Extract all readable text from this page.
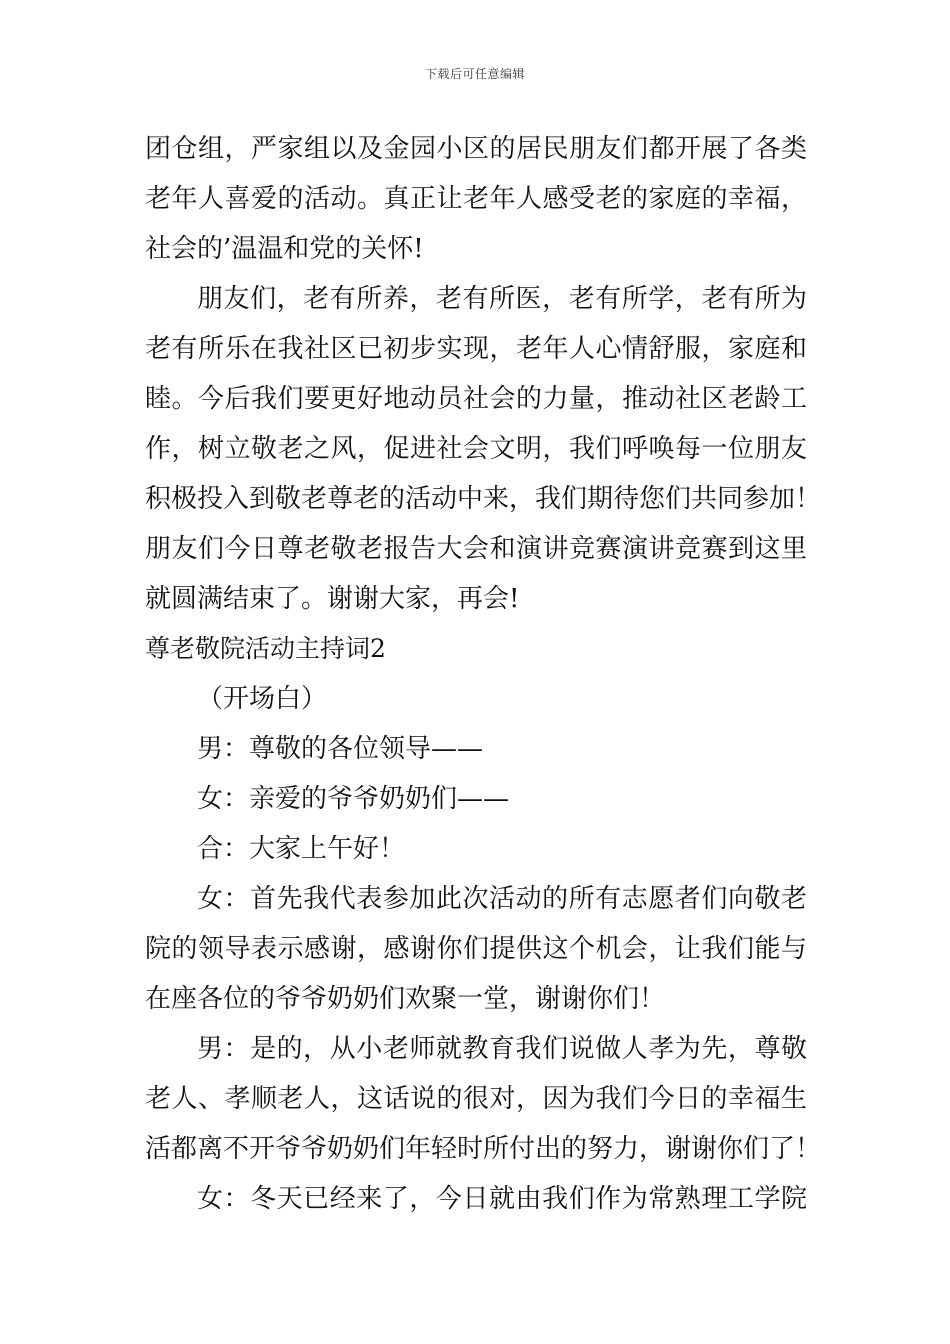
下载后可任意编辑
团仓组，严家组以及金园小区的居民朋友们都开展了各类
老年人喜爱的活动。真正让老年人感受老的家庭的幸福，
社会的’温温和党的关怀!
朋友们，老有所养，老有所医，老有所学，老有所为
老有所乐在我社区已初步实现，老年人心情舒服，家庭和
睦。今后我们要更好地动员社会的力量，推动社区老龄工
作，树立敬老之风，促进社会文明，我们呼唤每一位朋友
积极投入到敬老尊老的活动中来，我们期待您们共同参加！
朋友们今日尊老敬老报告大会和演讲竞赛演讲竞赛到这里
就圆满结束了。谢谢大家，再会!
尊老敬院活动主持词2
（开场白）
男：尊敬的各位领导——
女：亲爱的爷爷奶奶们——
合：大家上午好！
女：首先我代表参加此次活动的所有志愿者们向敬老
院的领导表示感谢，感谢你们提供这个机会，让我们能与
在座各位的爷爷奶奶们欢聚一堂，谢谢你们！
男：是的，从小老师就教育我们说做人孝为先，尊敬
老人、孝顺老人，这话说的很对，因为我们今日的幸福生
活都离不开爷爷奶奶们年轻时所付出的努力，谢谢你们了！
女：冬天已经来了，今日就由我们作为常熟理工学院
